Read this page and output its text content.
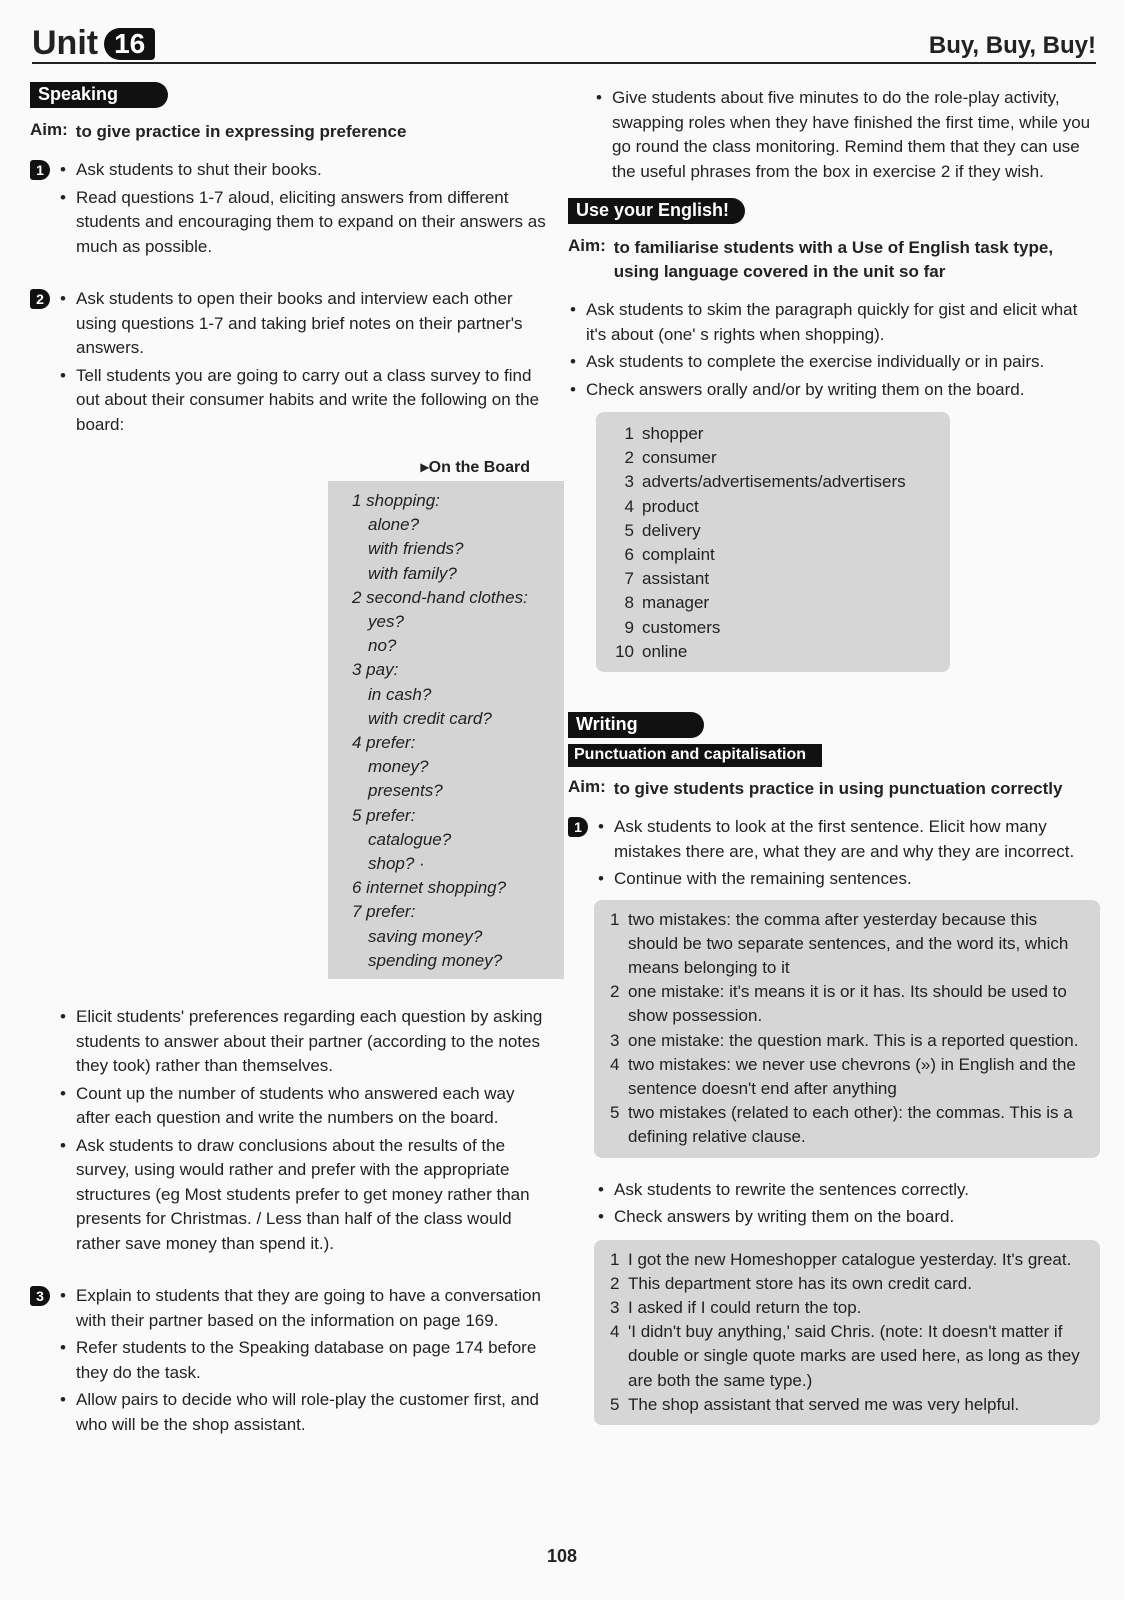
Unit 16	Buy, Buy, Buy!
Speaking
Aim: to give practice in expressing preference
1	• Ask students to shut their books.
• Read questions 1-7 aloud, eliciting answers from different students and encouraging them to expand on their answers as much as possible.
2	• Ask students to open their books and interview each other using questions 1-7 and taking brief notes on their partner's answers.
• Tell students you are going to carry out a class survey to find out about their consumer habits and write the following on the board:
▸ On the Board
1 shopping:
alone?
with friends?
with family?
2 second-hand clothes:
yes?
no?
3 pay:
in cash?
with credit card?
4 prefer:
money?
presents?
5 prefer:
catalogue?
shop? ·
6 internet shopping?
7 prefer:
saving money?
spending money?
• Elicit students' preferences regarding each question by asking students to answer about their partner (according to the notes they took) rather than themselves.
• Count up the number of students who answered each way after each question and write the numbers on the board.
• Ask students to draw conclusions about the results of the survey, using would rather and prefer with the appropriate structures (eg Most students prefer to get money rather than presents for Christmas. / Less than half of the class would rather save money than spend it.).
3	• Explain to students that they are going to have a conversation with their partner based on the information on page 169.
• Refer students to the Speaking database on page 174 before they do the task.
• Allow pairs to decide who will role-play the customer first, and who will be the shop assistant.
• Give students about five minutes to do the role-play activity, swapping roles when they have finished the first time, while you go round the class monitoring. Remind them that they can use the useful phrases from the box in exercise 2 if they wish.
Use your English!
Aim: to familiarise students with a Use of English task type, using language covered in the unit so far
• Ask students to skim the paragraph quickly for gist and elicit what it's about (one' s rights when shopping).
• Ask students to complete the exercise individually or in pairs.
• Check answers orally and/or by writing them on the board.
1 shopper
2 consumer
3 adverts/advertisements/advertisers
4 product
5 delivery
6 complaint
7 assistant
8 manager
9 customers
10 online
Writing
Punctuation and capitalisation
Aim: to give students practice in using punctuation correctly
1	• Ask students to look at the first sentence. Elicit how many mistakes there are, what they are and why they are incorrect.
• Continue with the remaining sentences.
1 two mistakes: the comma after yesterday because this should be two separate sentences, and the word its, which means belonging to it
2 one mistake: it's means it is or it has. Its should be used to show possession.
3 one mistake: the question mark. This is a reported question.
4 two mistakes: we never use chevrons (») in English and the sentence doesn't end after anything
5 two mistakes (related to each other): the commas. This is a defining relative clause.
• Ask students to rewrite the sentences correctly.
• Check answers by writing them on the board.
1 I got the new Homeshopper catalogue yesterday. It's great.
2 This department store has its own credit card.
3 I asked if I could return the top.
4 'I didn't buy anything,' said Chris. (note: It doesn't matter if double or single quote marks are used here, as long as they are both the same type.)
5 The shop assistant that served me was very helpful.
108
